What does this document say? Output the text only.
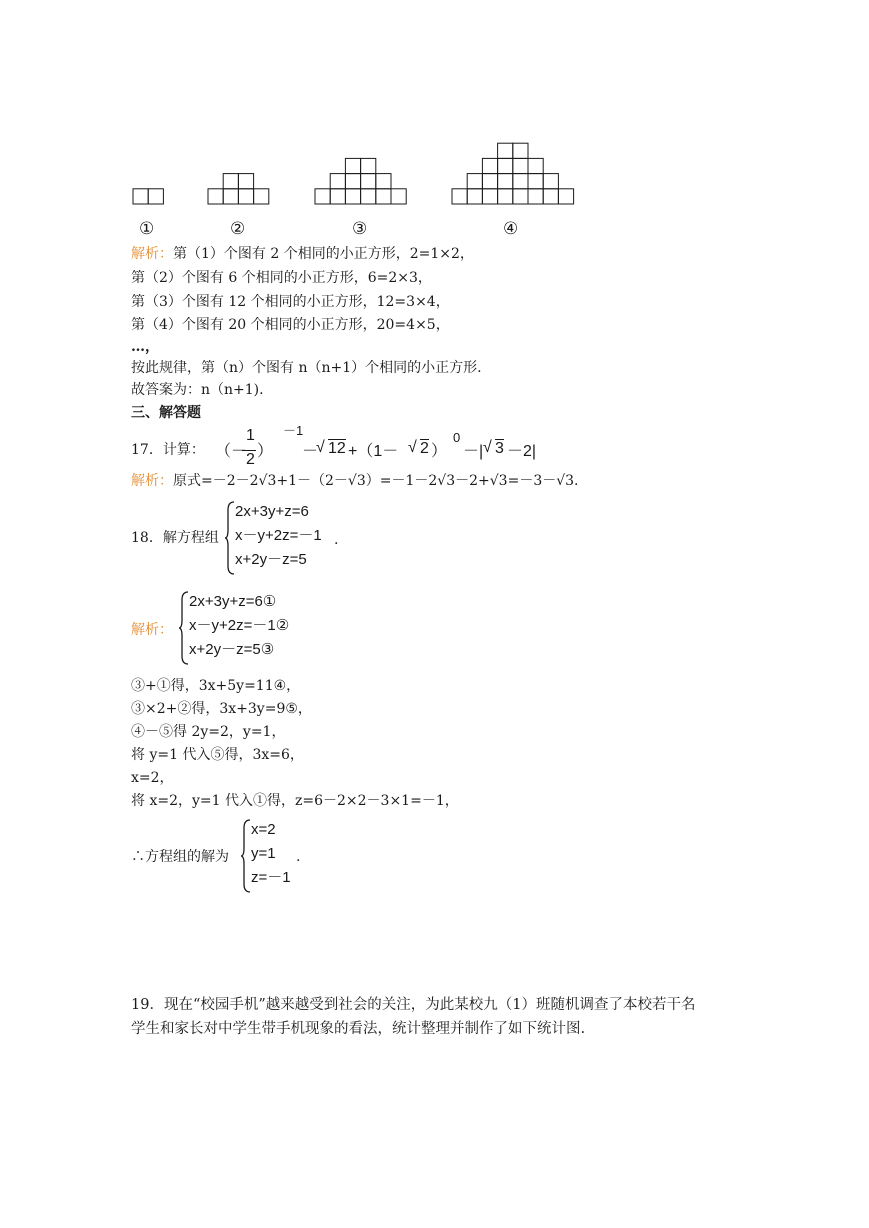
①	②	③	④
解析：第（1）个图有 2 个相同的小正方形，2=1×2，
第（2）个图有 6 个相同的小正方形，6=2×3，
第（3）个图有 12 个相同的小正方形，12=3×4，
第（4）个图有 20 个相同的小正方形，20=4×5，
…，
按此规律，第（n）个图有 n（n+1）个相同的小正方形.
故答案为：n（n+1).
三、解答题
17．计算： （－
1
2 ）
－1
－
√ 12 +（1－ √ 2 ）
0
－| √ 3 －2|
解析：原式=－2－2√3+1－（2－√3）=－1－2√3－2+√3=－3－√3.
18．解方程组
2x+3y+z=6
x－y+2z=－1
x+2y－z=5
.
解析：
2x+3y+z=6①
x－y+2z=－1②
x+2y－z=5③
③+①得，3x+5y=11④，
③×2+②得，3x+3y=9⑤，
④－⑤得 2y=2，y=1，
将 y=1 代入⑤得，3x=6，
x=2，
将 x=2，y=1 代入①得，z=6－2×2－3×1=－1，
∴方程组的解为
x=2
y=1
z=－1
.
19．现在“校园手机”越来越受到社会的关注，为此某校九（1）班随机调查了本校若干名
学生和家长对中学生带手机现象的看法，统计整理并制作了如下统计图.
